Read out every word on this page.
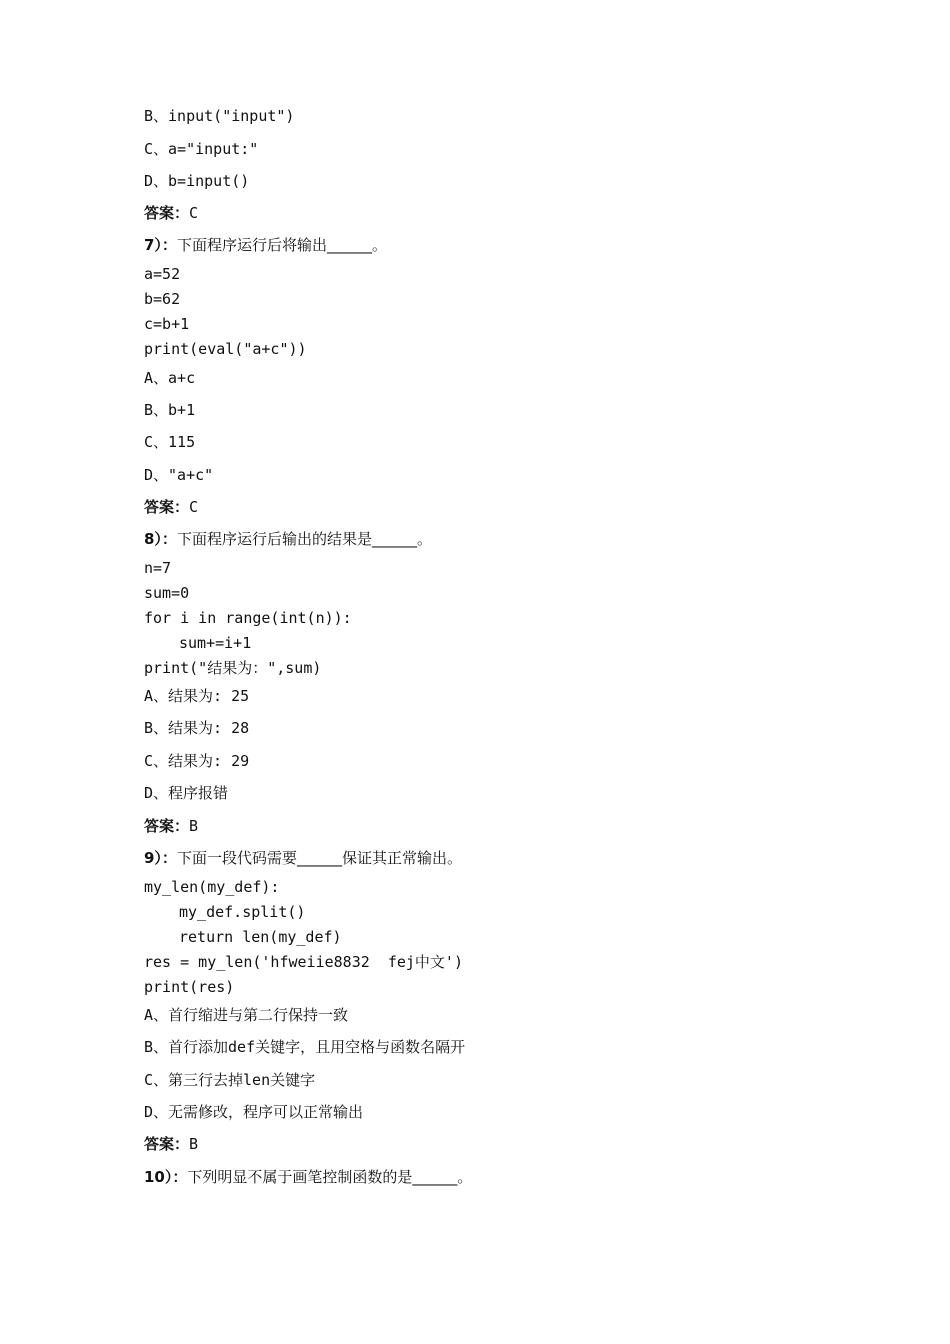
B、input("input")
C、a="input:"
D、b=input()
答案：C
7）：下面程序运行后将输出______。
a=52
b=62
c=b+1
print(eval("a+c"))
A、a+c
B、b+1
C、115
D、"a+c"
答案：C
8）：下面程序运行后输出的结果是______。
n=7
sum=0
for i in range(int(n)):
sum+=i+1
print("结果为：",sum)
A、结果为: 25
B、结果为: 28
C、结果为: 29
D、程序报错
答案：B
9）：下面一段代码需要______保证其正常输出。
my_len(my_def):
my_def.split()
return len(my_def)
res = my_len('hfweiie8832  fej中文')
print(res)
A、首行缩进与第二行保持一致
B、首行添加def关键字，且用空格与函数名隔开
C、第三行去掉len关键字
D、无需修改，程序可以正常输出
答案：B
10）：下列明显不属于画笔控制函数的是______。
